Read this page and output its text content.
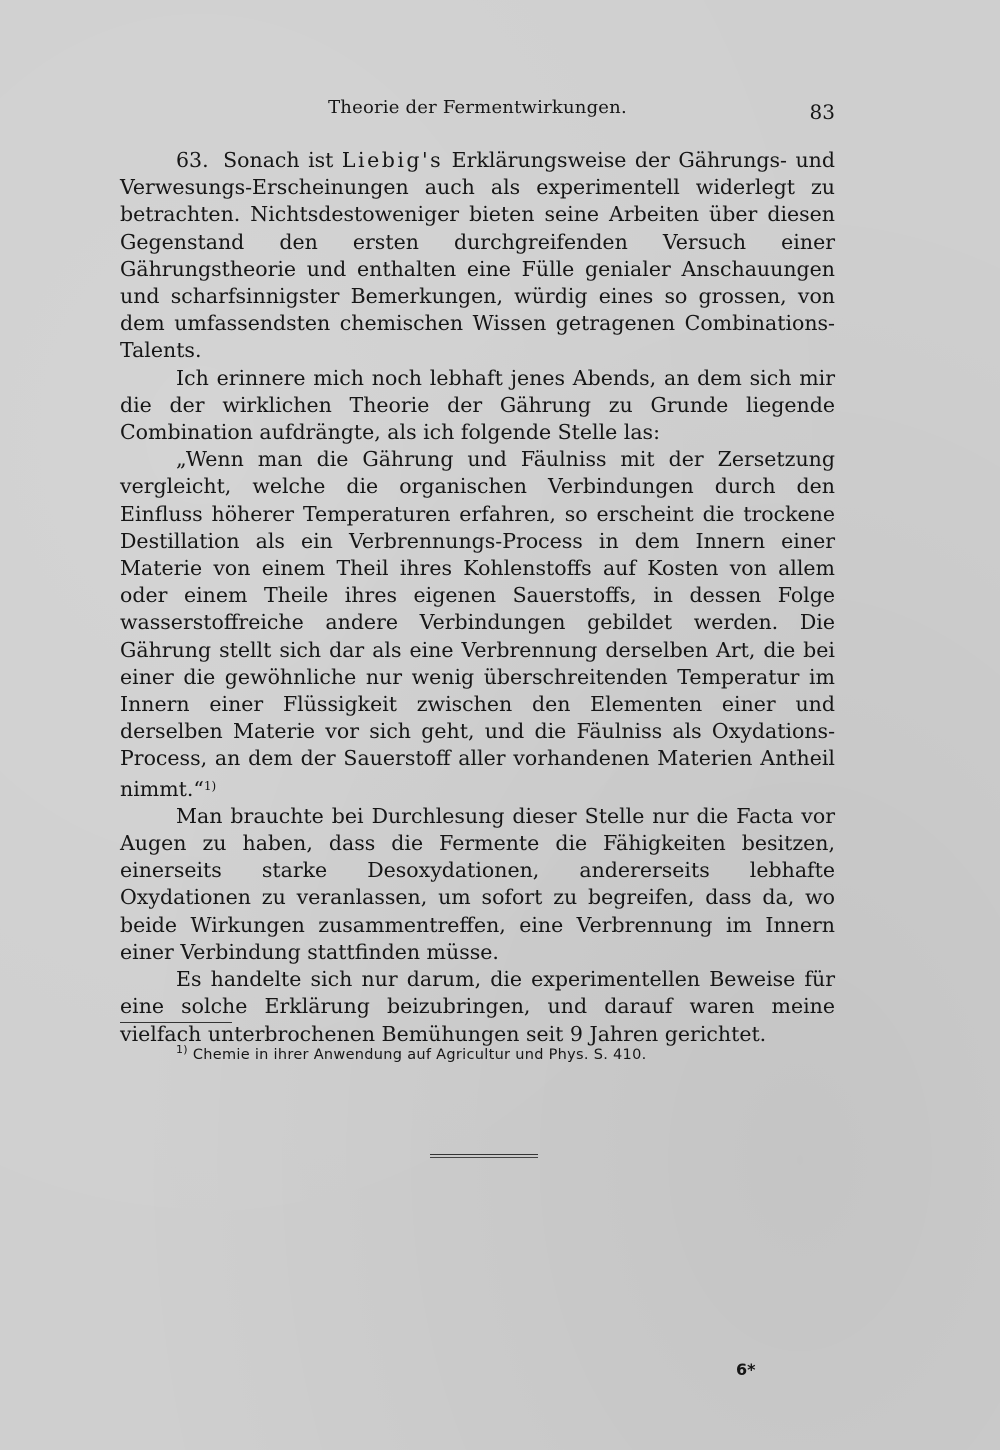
Theorie der Fermentwirkungen.	83

63. Sonach ist Liebig's Erklärungsweise der Gährungs- und Verwesungs-Erscheinungen auch als experimentell widerlegt zu betrachten. Nichtsdestoweniger bieten seine Arbeiten über diesen Gegenstand den ersten durchgreifenden Versuch einer Gährungstheorie und enthalten eine Fülle genialer Anschauungen und scharfsinnigster Bemerkungen, würdig eines so grossen, von dem umfassendsten chemischen Wissen getragenen Combinations-Talents.

Ich erinnere mich noch lebhaft jenes Abends, an dem sich mir die der wirklichen Theorie der Gährung zu Grunde liegende Combination aufdrängte, als ich folgende Stelle las:

„Wenn man die Gährung und Fäulniss mit der Zersetzung vergleicht, welche die organischen Verbindungen durch den Einfluss höherer Temperaturen erfahren, so erscheint die trockene Destillation als ein Verbrennungs-Process in dem Innern einer Materie von einem Theil ihres Kohlenstoffs auf Kosten von allem oder einem Theile ihres eigenen Sauerstoffs, in dessen Folge wasserstoffreiche andere Verbindungen gebildet werden. Die Gährung stellt sich dar als eine Verbrennung derselben Art, die bei einer die gewöhnliche nur wenig überschreitenden Temperatur im Innern einer Flüssigkeit zwischen den Elementen einer und derselben Materie vor sich geht, und die Fäulniss als Oxydations-Process, an dem der Sauerstoff aller vorhandenen Materien Antheil nimmt.“$^{1)}$

Man brauchte bei Durchlesung dieser Stelle nur die Facta vor Augen zu haben, dass die Fermente die Fähigkeiten besitzen, einerseits starke Desoxydationen, andererseits lebhafte Oxydationen zu veranlassen, um sofort zu begreifen, dass da, wo beide Wirkungen zusammentreffen, eine Verbrennung im Innern einer Verbindung stattfinden müsse.

Es handelte sich nur darum, die experimentellen Beweise für eine solche Erklärung beizubringen, und darauf waren meine vielfach unterbrochenen Bemühungen seit 9 Jahren gerichtet.

$^{1)}$ Chemie in ihrer Anwendung auf Agricultur und Phys. S. 410.
6*
